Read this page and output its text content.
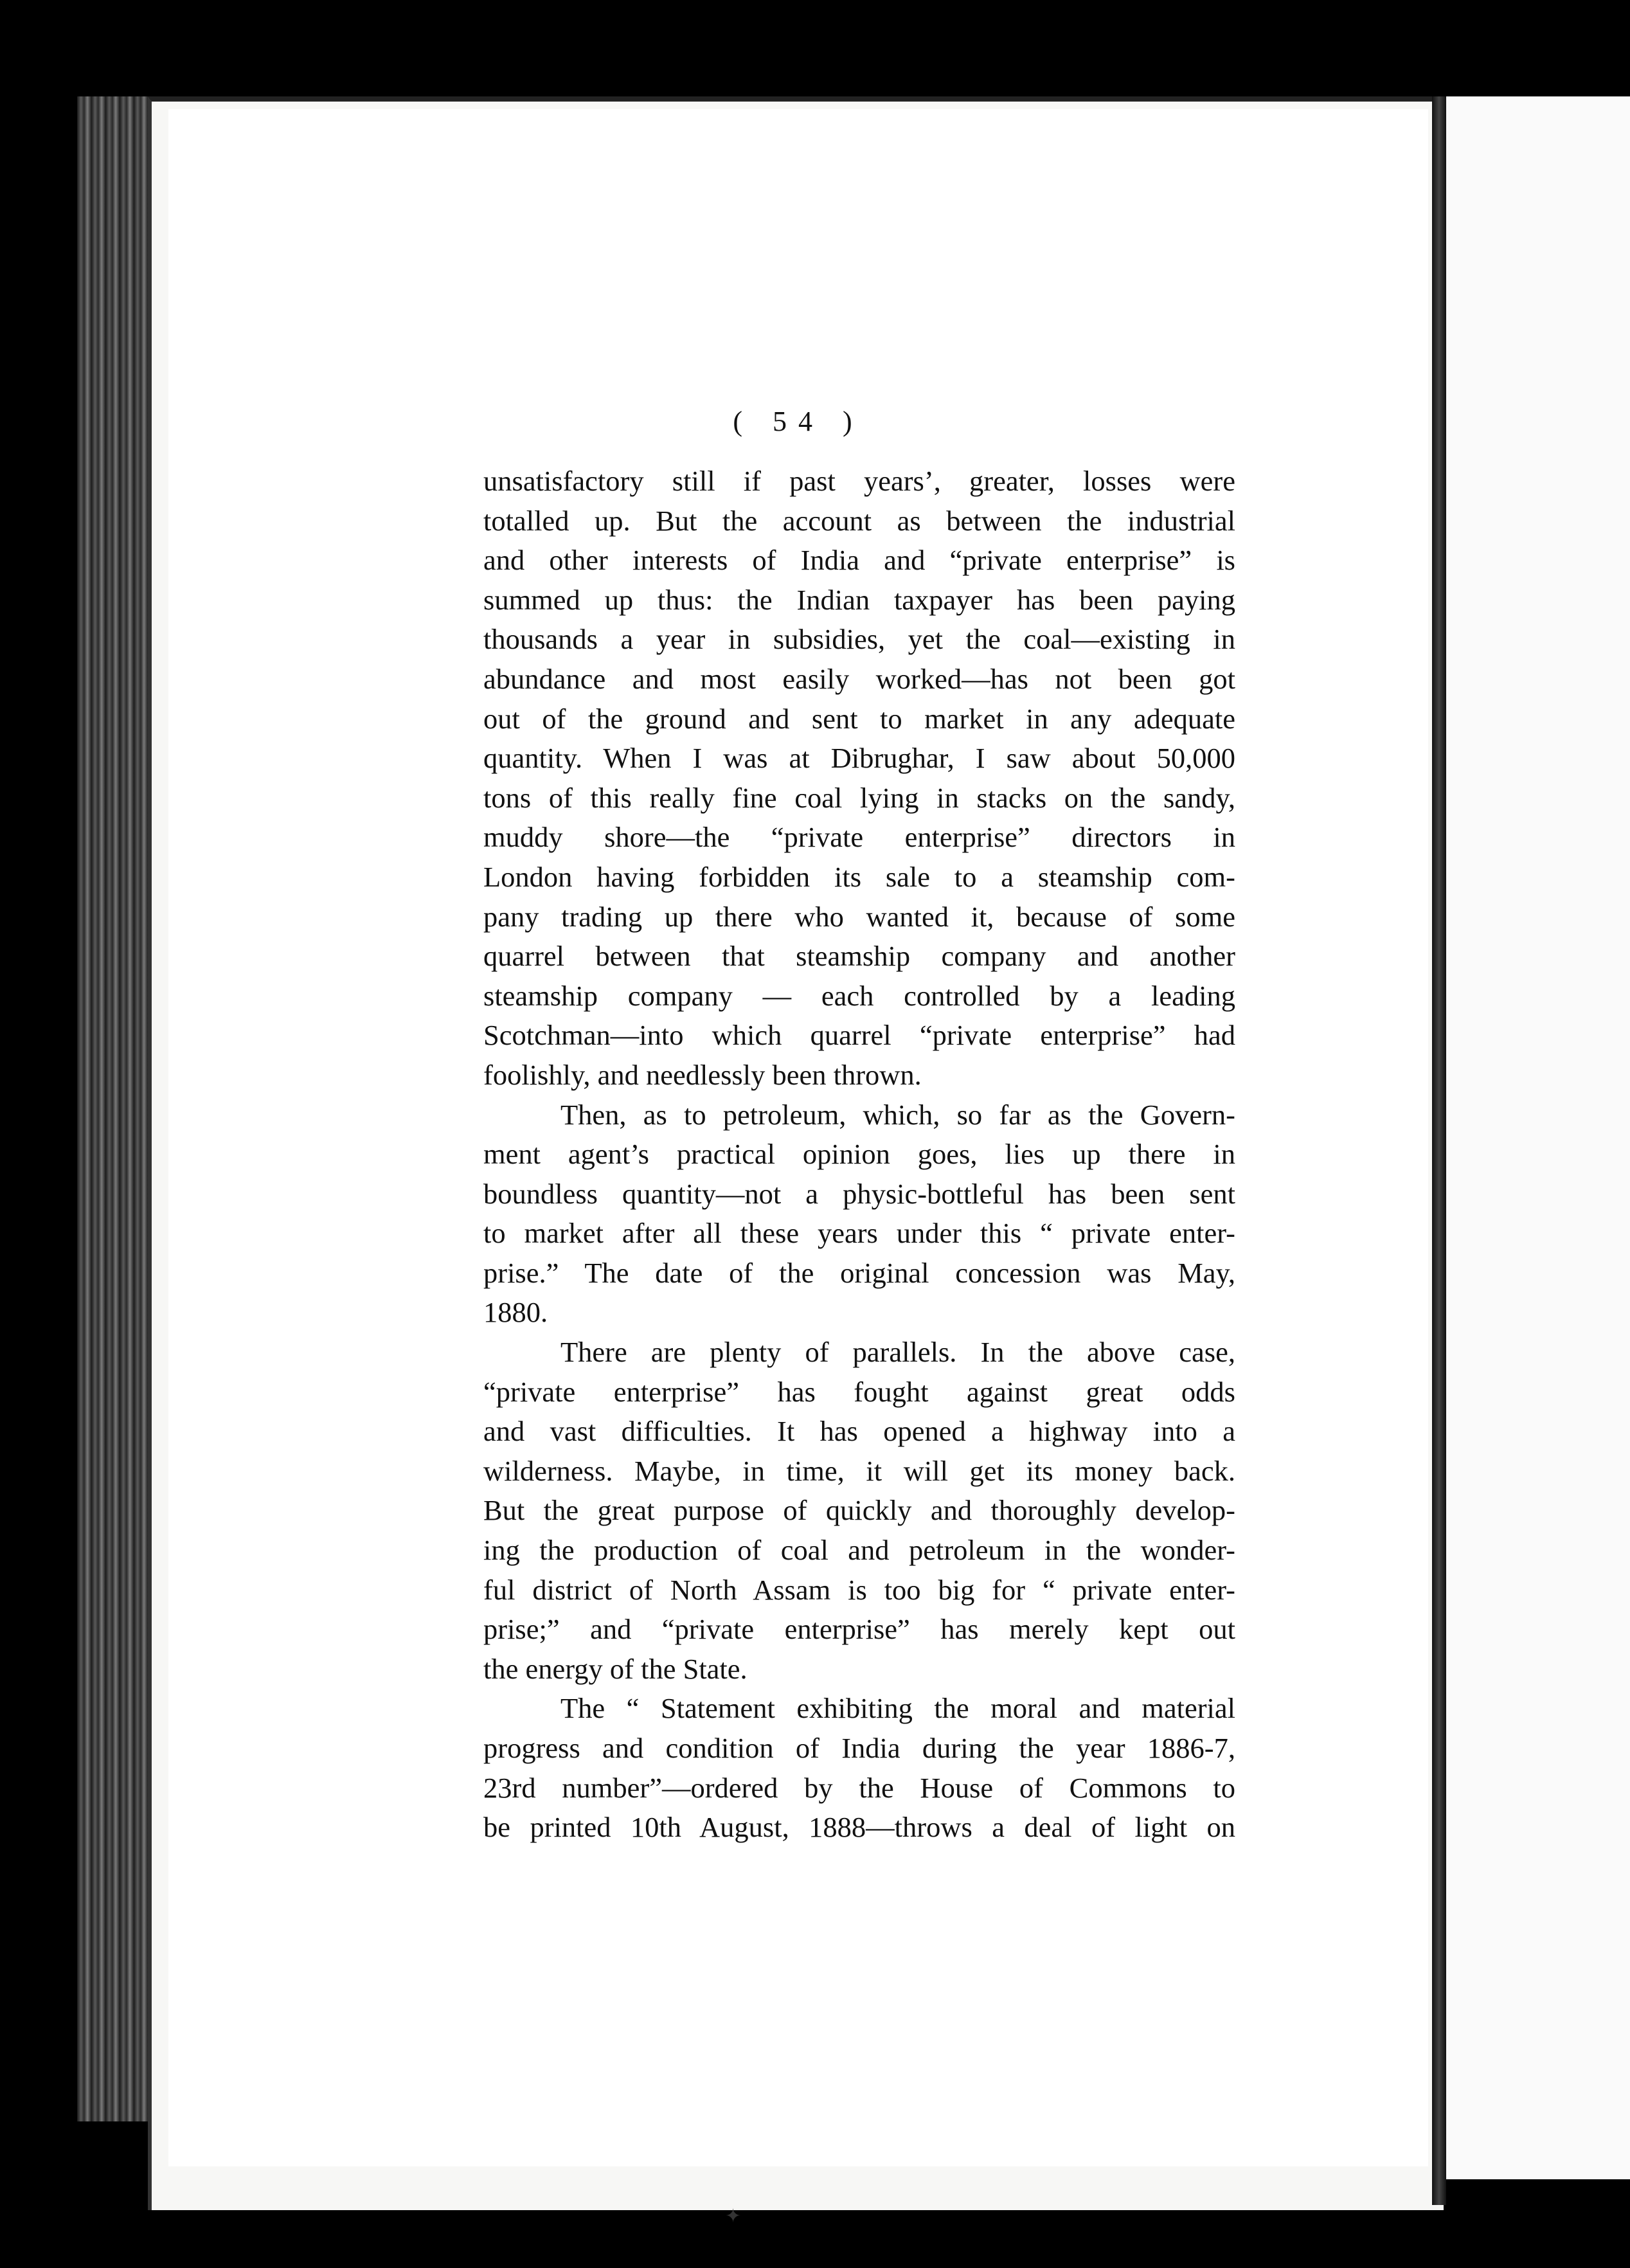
( 54 )
unsatisfactory still if past years’, greater, losses were
totalled up. But the account as between the industrial
and other interests of India and “private enterprise” is
summed up thus: the Indian taxpayer has been paying
thousands a year in subsidies, yet the coal—existing in
abundance and most easily worked—has not been got
out of the ground and sent to market in any adequate
quantity. When I was at Dibrughar, I saw about 50,000
tons of this really fine coal lying in stacks on the sandy,
muddy shore—the “private enterprise” directors in
London having forbidden its sale to a steamship com-
pany trading up there who wanted it, because of some
quarrel between that steamship company and another
steamship company — each controlled by a leading
Scotchman—into which quarrel “private enterprise” had
foolishly, and needlessly been thrown.
Then, as to petroleum, which, so far as the Govern-
ment agent’s practical opinion goes, lies up there in
boundless quantity—not a physic-bottleful has been sent
to market after all these years under this “ private enter-
prise.” The date of the original concession was May,
1880.
There are plenty of parallels. In the above case,
“private enterprise” has fought against great odds
and vast difficulties. It has opened a highway into a
wilderness. Maybe, in time, it will get its money back.
But the great purpose of quickly and thoroughly develop-
ing the production of coal and petroleum in the wonder-
ful district of North Assam is too big for “ private enter-
prise;” and “private enterprise” has merely kept out
the energy of the State.
The “ Statement exhibiting the moral and material
progress and condition of India during the year 1886-7,
23rd number”—ordered by the House of Commons to
be printed 10th August, 1888—throws a deal of light on
✦
